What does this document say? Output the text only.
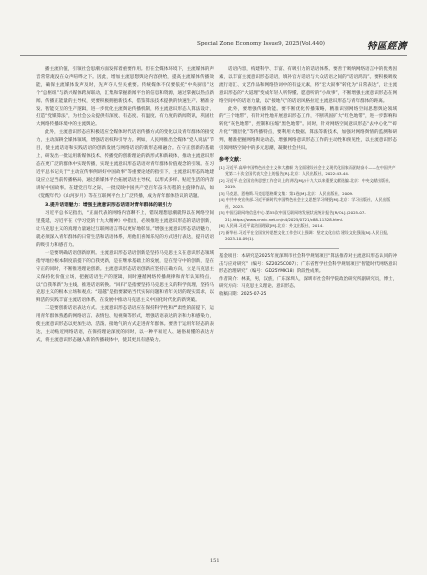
Special Zone Economy Issue9, 2025(Vol.440)	特區經濟

播主流价值，引领社会思潮方面发挥着重要作用。但在全媒体环境下，主流媒体的声音常常淹没在众声喧哗之下。因此，增加主流思想舆论内容供给，提高主流媒体传播效能，确保主流媒体发声及时，先声夺人至关重要。传统媒体不仅要依托“中央厨房”这个“总枢纽”与新兴媒体跨屏联动，汇集和掌握新闻平台的信息和资源，通过掌握以热点新闻、传播正能量的主导权，更要积极拥抱新技术，借鉴算法技术提供的快速生产、精准分发、智能交互的生产逻辑，进一步优化主流舆论传播机制，将主流意识形态人算法设计，打造“党媒算法”，为社会公众提供有深度、有态度、有温度、有力度的新闻资讯，巩固壮大网络传播环境中的主流舆论。

此外，主流意识形态应积极适应全媒体时代话语传播方式的变化以及青年群体的接受力，主动深耕全媒体领域，增强话语权和引导力。例如，人民网推出全媒体“党人说法”节目，使主流话语和实践话语的创新发展与网络话语的新形态相融合。在守正创新的基础上，研发出一批运用新媒体技术、传播党的创新理论的新形式和新载体，推动主流意识形态在更广泛的群体中实现传播，实现主流意识形态话语对青年群体价值观念的引领。在习近平总书记关于“主动宣传事例讲好中国故事”等重要论述的指引下，主流意识形态阵地建设应立足当前传播格局，通过新媒体平台拓展话语主导权，以形式多样、贴近生活的内容讲好中国故事。在建党百年之际，一批反映中国共产党百年奋斗历程的主旋律作品，如《觉醒年代》《山河岁月》等在互联网平台上广泛传播，成为青年群体热议的话题。

3.提升话语魅力：增强主流意识形态话语对青年群体的吸引力

习近平总书记指出，“正面代表的网络内容聊不上，错误理想思潮就得以在网络空间里蔓延，习近平在《学习党的十九大精神》中指出，必须推进主流意识形态的话语创新，让马克思主义的真理力量通过互联网语言得以更好地彰显。”增强主流意识形态话语魅力，就必须深入青年群体的日常生活和话语体系，用他们喜闻乐见的方式进行表达，提升话语的吸引力和感召力。

一是要明确话语创新原则。主流意识形态话语创新是坚持马克思主义在意识形态领域指导地位根本制度前提下的自我更新，是在继承基础上的发展，是在坚守中的创新，是在守正的同时，不断推进理论创新。主流意识形态话语创新应坚持正确方向，立足马克思主义保持化价值立场，把握话语生产的逻辑，同时遵循网络传播规律和青年认知特点，以“自我革新”为主线，推进话语转换。“回归”是指要坚持马克思主义的科学真理，坚持马克思主义的根本立场和观点；“超越”是指要紧贴当代实际问题和青年关切的现实需求，以鲜活的实践丰富主流话语体系，在发展中推动马克思主义中国化时代化的新突破。

二是要创新话语表达方式。主流意识形态话语应在保持科学性和严肃性的前提下，运用青年群体熟悉的网络语言、表情包、短视频等形式，增强话语表达的亲和力和感染力，使主流意识形态以更加生动、活泼、接地气的方式走进青年群体。要善于运用年轻态的表达，主动贴近网络话语，在保持理论深度的同时，以一种平易近人、通俗易懂的表达方式，将主流意识形态融入新的传播载体中，使其更具有感染力。

话语内容，构建科学、丰富、有吸引力的话语体系。要善于吸纳网络语言中的优秀因素，以丰富主流意识形态话语，填补官方话语与大众话语之间的“话语鸿沟”。要积极吸收流行语汇、文艺作品和网络热词中的有益元素，将“宏大叙事”转化为“日常表达”，让主流意识形态的“大道理”变成年轻人听得懂、愿意听的“小故事”，不断增强主流意识形态在网络空间中的话语力量，以“接地气”的话语风格拉近主流意识形态与青年群体的距离。

此外，要增强传播效能。要不断优化传播策略，精准识别网络空间思想舆论领域的“三个地带”，有针对性地开展意识形态工作，不断巩固扩大“红色地带”，进一步影响和转化“灰色地带”，控制和压缩“黑色地带”。同时，针对网络空间意识形态“去中心化”“碎片化”“圈层化”等传播特点，要利用大数据、算法等新技术，加强对网络舆情的监测和研判，精准把握网络舆论动态，增强网络意识形态工作的主动性和预见性，以主流意识形态引领网络空间中的多元思潮，凝聚社会共识。

参考文献：

[1] 习近平.高举中国特色社会主义伟大旗帜 为全面建设社会主义现代化国家而团结奋斗——在中国共产党第二十次全国代表大会上的报告[R].北京：人民出版社，2022:43-44.

[2] 习近平.在全国宣传思想工作会议上的讲话[M]//十九大以来重要文献选编.北京：中央文献出版社，2019.

[3] 马克思，恩格斯.马克思恩格斯文集：第1卷[M].北京：人民出版社，2009.

[4] 中共中央宣传部.习近平新时代中国特色社会主义思想学习纲要[M].北京：学习出版社，人民出版社，2023.

[5] 中国互联网络信息中心.第55次中国互联网络发展状况统计报告[R/OL].(2025-07-21).https://www.cnnic.net.cn/n4/2025/0721/c88-11328.html.

[6] 人民网.习近平谈治国理政[M].北京：外文出版社，2014.

[7] 新华社.习近平在全国宣传思想文化工作会议上强调：坚定文化自信 建设文化强国[N].人民日报，2023-10-09(1).

基金项目：本研究是2025年度深圳市社会科学规划项目“算法推荐对主流意识形态认同的冲击与应对研究”（编号：SZ2025C007）；广东省哲学社会科学规划项目“智能时代网络意识形态治理研究”（编号：GD25YMK18）阶段性成果。

作者简介：林某，男，汉族，广东深圳人，深圳市社会科学院政治研究所副研究员，博士，研究方向：马克思主义理论、意识形态。

收稿日期：2025-07-25

151
